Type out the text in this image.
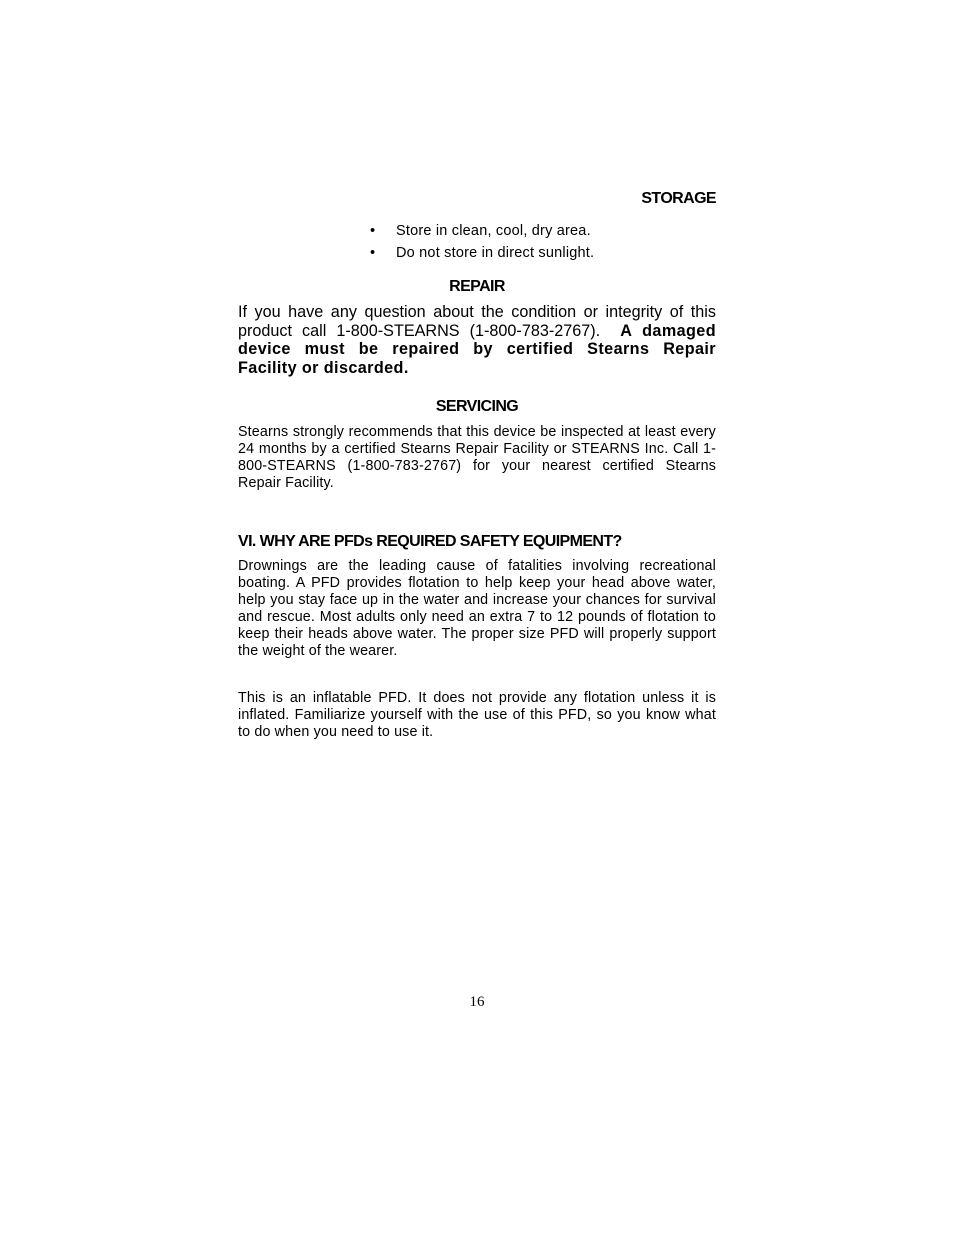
STORAGE
• Store in clean, cool, dry area.
• Do not store in direct sunlight.
REPAIR

If you have any question about the condition or integrity of this product call 1-800-STEARNS (1-800-783-2767). A damaged device must be repaired by certified Stearns Repair Facility or discarded.

SERVICING

Stearns strongly recommends that this device be inspected at least every 24 months by a certified Stearns Repair Facility or STEARNS Inc. Call 1-800-STEARNS (1-800-783-2767) for your nearest certified Stearns Repair Facility.

VI. WHY ARE PFDs REQUIRED SAFETY EQUIPMENT?

Drownings are the leading cause of fatalities involving recreational boating. A PFD provides flotation to help keep your head above water, help you stay face up in the water and increase your chances for survival and rescue. Most adults only need an extra 7 to 12 pounds of flotation to keep their heads above water. The proper size PFD will properly support the weight of the wearer.

This is an inflatable PFD. It does not provide any flotation unless it is inflated. Familiarize yourself with the use of this PFD, so you know what to do when you need to use it.

16
